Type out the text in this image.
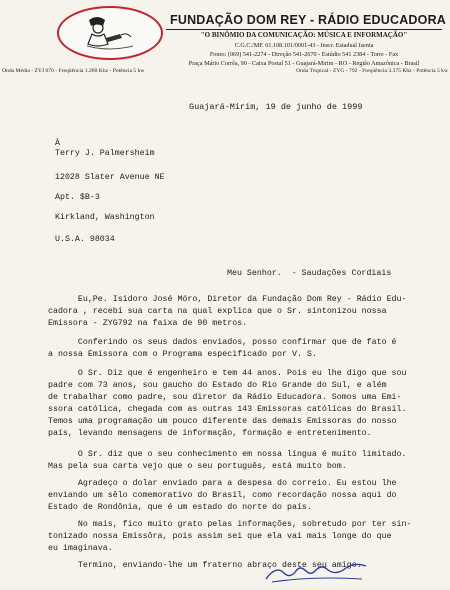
FUNDAÇÃO DOM REY - RÁDIO EDUCADORA
"O BINÔMIO DA COMUNICAÇÃO: MÚSICA E INFORMAÇÃO"
C.G.C./MF. 01.108.101/0001-43 - Inscr. Estadual Isenta
Fones: (069) 541-2274 - Direção 541-2670 - Estúdio 541 2384 - Torre - Fax
Praça Mário Corrêa, 90 - Caixa Postal 51 - Guajará-Mirim - RO - Região Amazônica - Brasil
Onda Média - ZYJ 670 - Freqüência 1.260 Khz - Potência 5 kw	Onda Tropical - ZYG - 792 - Freqüência 3.375 Khz - Potência 5 kw
Guajará-Mirim, 19 de junho de 1999
À
Terry J. Palmersheim
12028 Slater Avenue NE
Apt. $B-3
Kirkland, Washington
U.S.A. 98034
Meu Senhor.  - Saudações Cordiais
Eu,Pe. Isidoro José Móro, Diretor da Fundação Dom Rey - Rádio Edu-
cadora , recebi sua carta na qual explica que o Sr. sintonizou nossa
Emissora - ZYG792 na faixa de 90 metros.
Conferindo os seus dados enviados, posso confirmar que de fato é
a nossa Emissora com o Programa especificado por V. S.
O Sr. Diz que é engenheiro e tem 44 anos. Pois eu lhe digo que sou
padre com 73 anos, sou gaucho do Estado do Rio Grande do Sul, e além
de trabalhar como padre, sou diretor da Rádio Educadora. Somos uma Emi-
ssora católica, chegada com as outras 143 Emissoras católicas do Brasil.
Temos uma programação um pouco diferente das demais Emissoras do nosso
país, levando mensagens de informação, formação e entretenimento.
O Sr. diz que o seu conhecimento em nossa língua é muito limitado.
Mas pela sua carta vejo que o seu português, está muito bom.
Agradeço o dolar enviado para a despesa do correio. Eu estou lhe
enviando um sêlo comemorativo do Brasil, como recordação nossa aqui do
Estado de Rondônia, que é um estado do norte do país.
No mais, fico muito grato pelas informações, sobretudo por ter sin-
tonizado nossa Emissôra, pois assim sei que ela vai mais longe do que
eu imaginava.
Termino, enviando-lhe um fraterno abraço deste seu amigo.
